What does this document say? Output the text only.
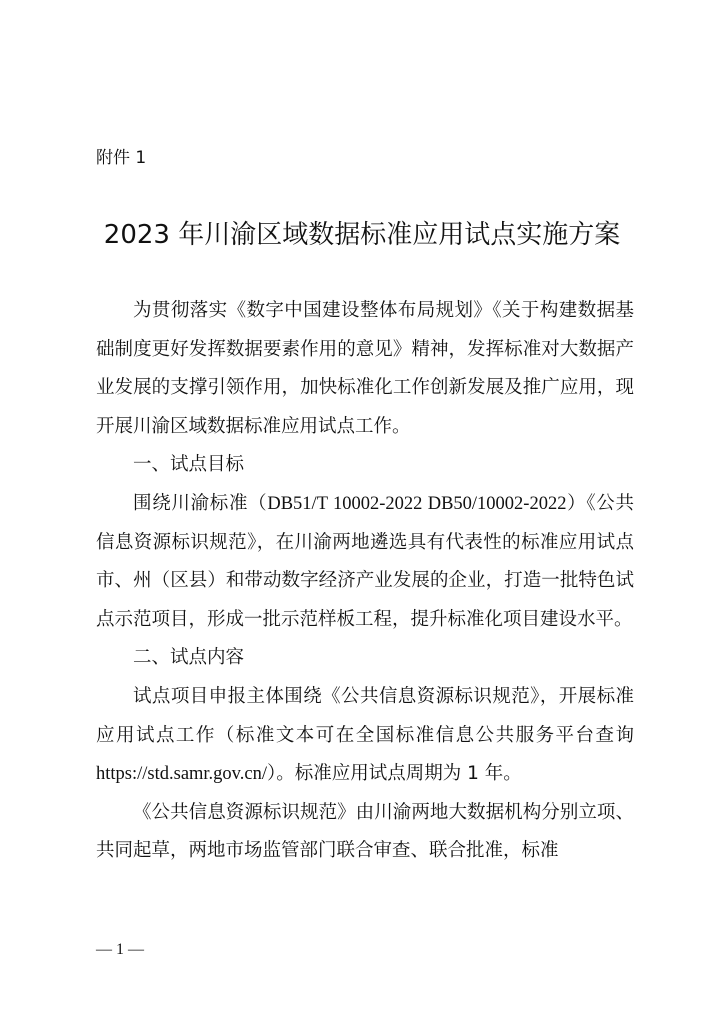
附件 1
2023 年川渝区域数据标准应用试点实施方案

为贯彻落实《数字中国建设整体布局规划》《关于构建数据基础制度更好发挥数据要素作用的意见》精神，发挥标准对大数据产业发展的支撑引领作用，加快标准化工作创新发展及推广应用，现开展川渝区域数据标准应用试点工作。

一、试点目标

围绕川渝标准（DB51/T 10002-2022 DB50/10002-2022）《公共信息资源标识规范》，在川渝两地遴选具有代表性的标准应用试点市、州（区县）和带动数字经济产业发展的企业，打造一批特色试点示范项目，形成一批示范样板工程，提升标准化项目建设水平。

二、试点内容

试点项目申报主体围绕《公共信息资源标识规范》，开展标准应用试点工作（标准文本可在全国标准信息公共服务平台查询https://std.samr.gov.cn/）。标准应用试点周期为 1 年。

《公共信息资源标识规范》由川渝两地大数据机构分别立项、共同起草，两地市场监管部门联合审查、联合批准，标准

— 1 —
